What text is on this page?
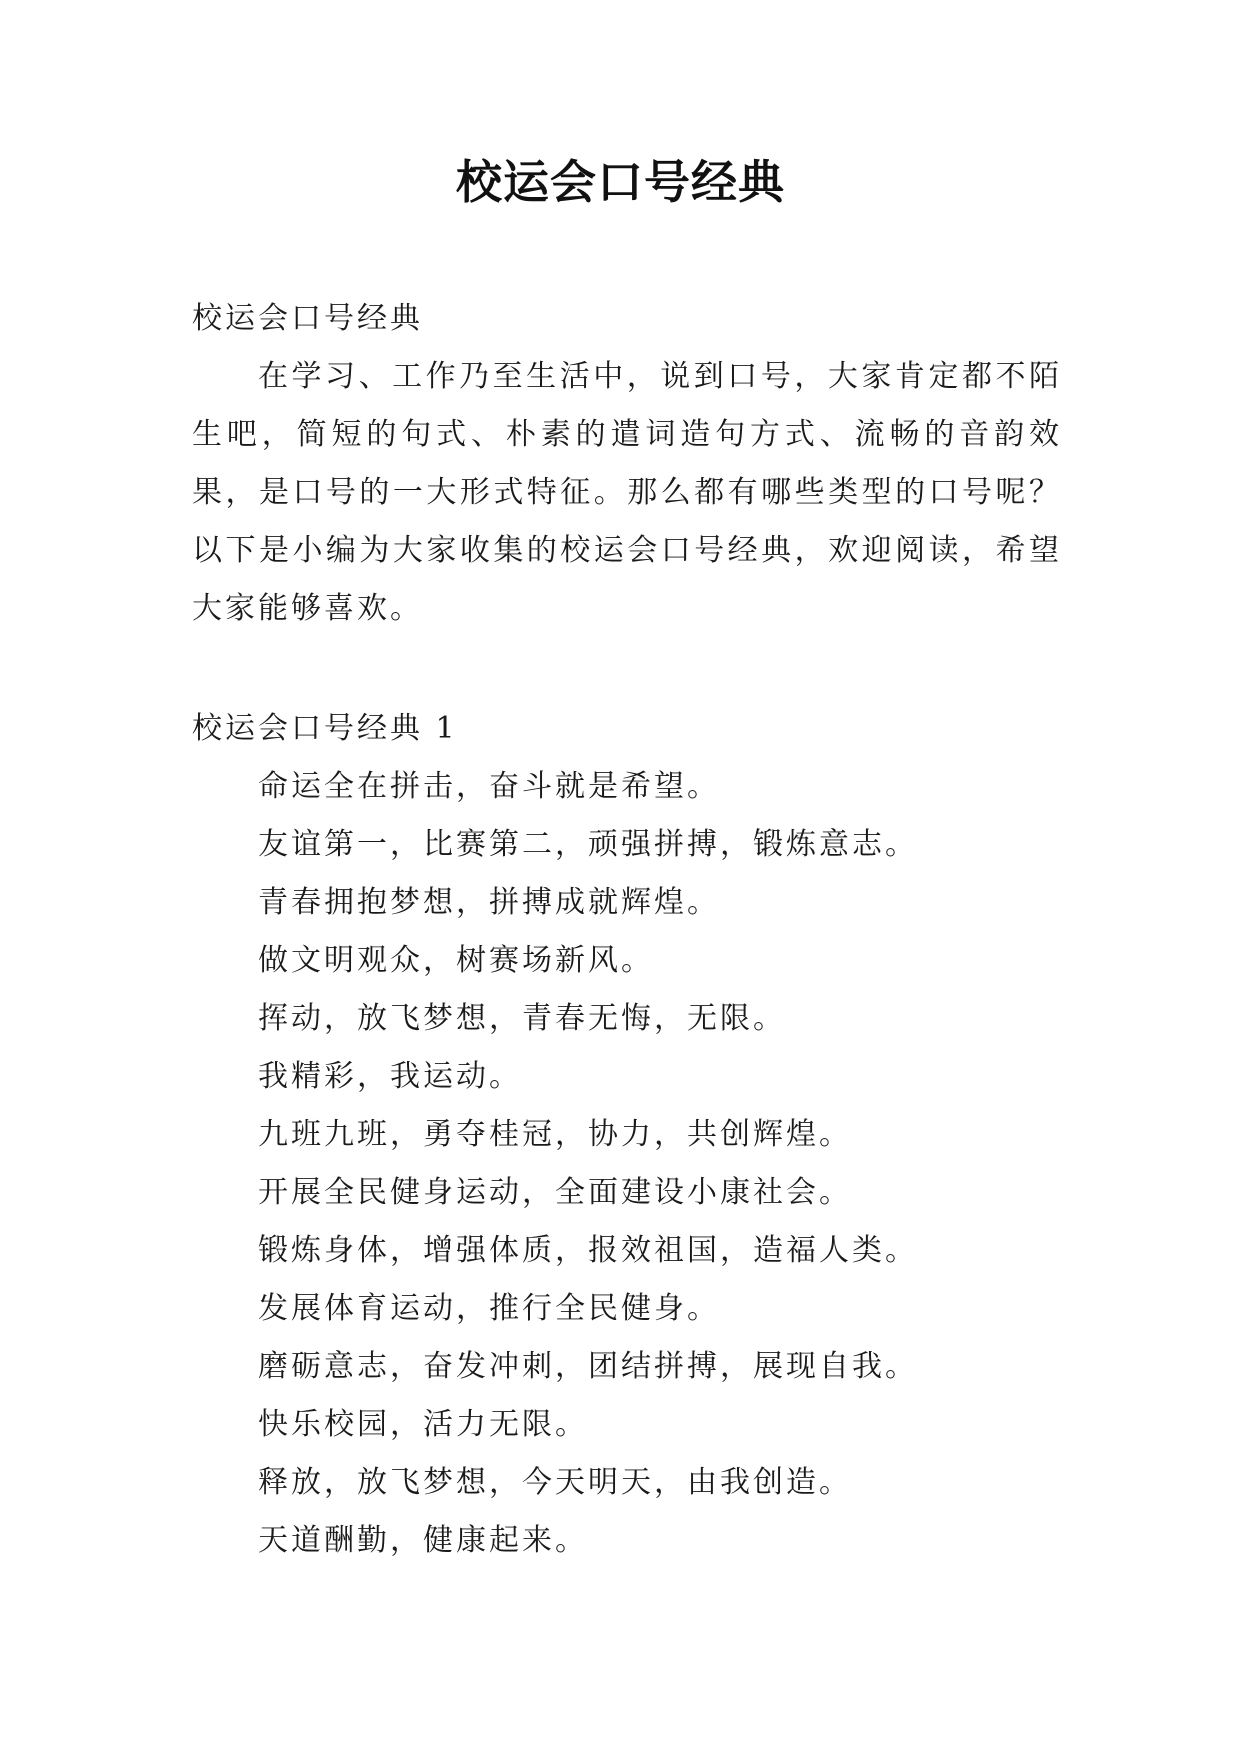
校运会口号经典

校运会口号经典

在学习、工作乃至生活中，说到口号，大家肯定都不陌生吧，简短的句式、朴素的遣词造句方式、流畅的音韵效果，是口号的一大形式特征。那么都有哪些类型的口号呢？以下是小编为大家收集的校运会口号经典，欢迎阅读，希望大家能够喜欢。

校运会口号经典 1

命运全在拼击，奋斗就是希望。
友谊第一，比赛第二，顽强拼搏，锻炼意志。
青春拥抱梦想，拼搏成就辉煌。
做文明观众，树赛场新风。
挥动，放飞梦想，青春无悔，无限。
我精彩，我运动。
九班九班，勇夺桂冠，协力，共创辉煌。
开展全民健身运动，全面建设小康社会。
锻炼身体，增强体质，报效祖国，造福人类。
发展体育运动，推行全民健身。
磨砺意志，奋发冲刺，团结拼搏，展现自我。
快乐校园，活力无限。
释放，放飞梦想，今天明天，由我创造。
天道酬勤，健康起来。
